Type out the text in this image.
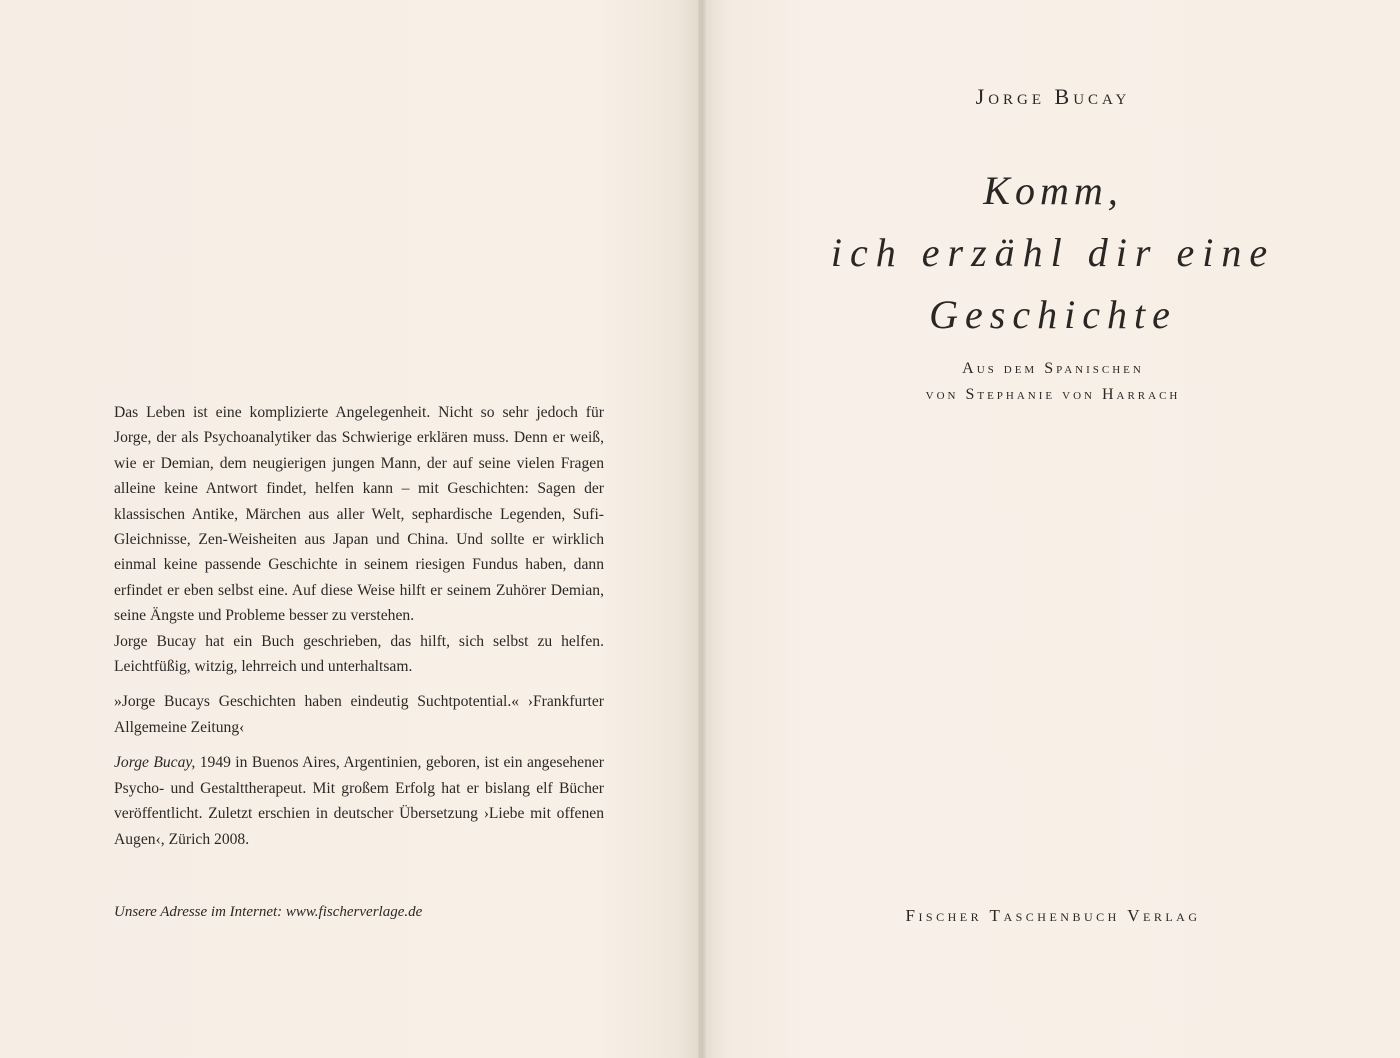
Das Leben ist eine komplizierte Angelegenheit. Nicht so sehr jedoch für Jorge, der als Psychoanalytiker das Schwierige erklären muss. Denn er weiß, wie er Demian, dem neugierigen jungen Mann, der auf seine vielen Fragen alleine keine Antwort findet, helfen kann – mit Geschichten: Sagen der klassischen Antike, Märchen aus aller Welt, sephardische Legenden, Sufi-Gleichnisse, Zen-Weisheiten aus Japan und China. Und sollte er wirklich einmal keine passende Geschichte in seinem riesigen Fundus haben, dann erfindet er eben selbst eine. Auf diese Weise hilft er seinem Zuhörer Demian, seine Ängste und Probleme besser zu verstehen.

Jorge Bucay hat ein Buch geschrieben, das hilft, sich selbst zu helfen. Leichtfüßig, witzig, lehrreich und unterhaltsam.

»Jorge Bucays Geschichten haben eindeutig Suchtpotential.« ›Frankfurter Allgemeine Zeitung‹

Jorge Bucay, 1949 in Buenos Aires, Argentinien, geboren, ist ein angesehener Psycho- und Gestalttherapeut. Mit großem Erfolg hat er bislang elf Bücher veröffentlicht. Zuletzt erschien in deutscher Übersetzung ›Liebe mit offenen Augen‹, Zürich 2008.

Unsere Adresse im Internet: www.fischerverlage.de
Jorge Bucay
Komm,
ich erzähl dir eine
Geschichte
Aus dem Spanischen
von Stephanie von Harrach
Fischer Taschenbuch Verlag
